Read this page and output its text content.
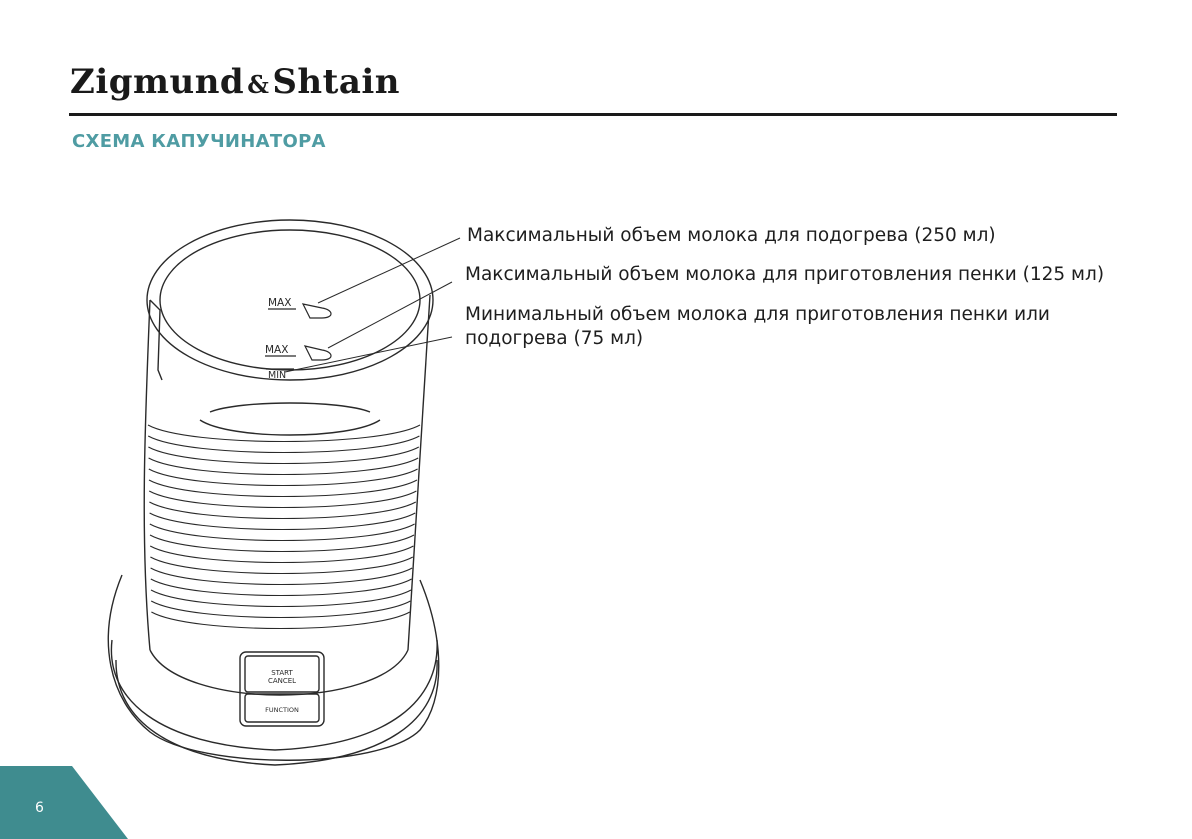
Zigmund &Shtain
СХЕМА КАПУЧИНАТОРА
MAX
MAX
MIN
START
CANCEL
FUNCTION
Максимальный объем молока для подогрева (250 мл)
Максимальный объем молока для приготовления пенки (125 мл)
Минимальный объем молока для приготовления пенки или
подогрева (75 мл)
6
